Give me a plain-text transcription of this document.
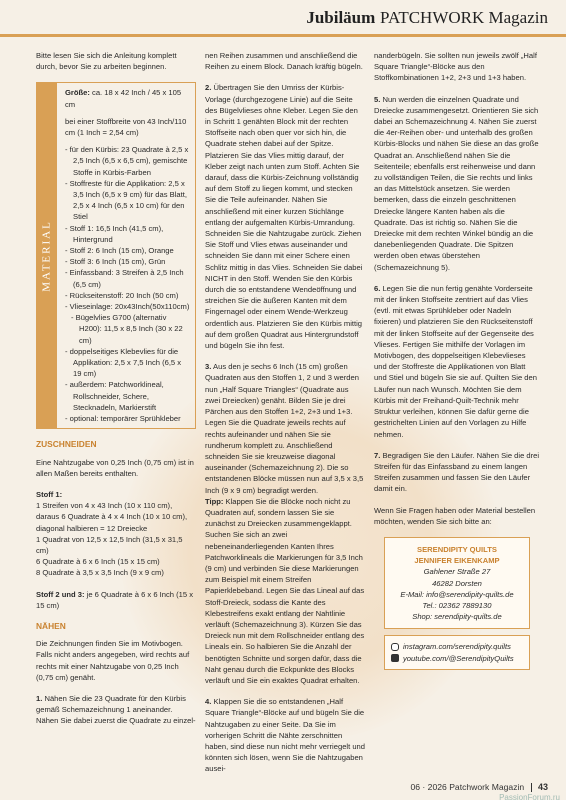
Jubiläum PATCHWORK Magazin

Bitte lesen Sie sich die Anleitung komplett durch, bevor Sie zu arbeiten beginnen.

MATERIAL

Größe: ca. 18 x 42 Inch / 45 x 105 cm

bei einer Stoffbreite von 43 Inch/110 cm (1 Inch = 2,54 cm)

- für den Kürbis: 23 Quadrate à 2,5 x 2,5 Inch (6,5 x 6,5 cm), gemischte Stoffe in Kürbis-Farben
- Stoffreste für die Applikation: 2,5 x 3,5 Inch (6,5 x 9 cm) für das Blatt, 2,5 x 4 Inch (6,5 x 10 cm) für den Stiel
- Stoff 1: 16,5 Inch (41,5 cm), Hintergrund
- Stoff 2: 6 Inch (15 cm), Orange
- Stoff 3: 6 Inch (15 cm), Grün
- Einfassband: 3 Streifen à 2,5 Inch (6,5 cm)
- Rückseitenstoff: 20 Inch (50 cm)
- Vlieseinlage: 20x43Inch(50x110cm)
- Bügelvlies G700 (alternativ H200): 11,5 x 8,5 Inch (30 x 22 cm)
- doppelseitiges Klebevlies für die Applikation: 2,5 x 7,5 Inch (6,5 x 19 cm)
- außerdem: Patchworklineal, Rollschneider, Schere, Stecknadeln, Markierstift
- optional: temporärer Sprühkleber
ZUSCHNEIDEN

Eine Nahtzugabe von 0,25 Inch (0,75 cm) ist in allen Maßen bereits enthalten.

Stoff 1:
1 Streifen von 4 x 43 Inch (10 x 110 cm), daraus 6 Quadrate à 4 x 4 Inch (10 x 10 cm), diagonal halbieren = 12 Dreiecke
1 Quadrat von 12,5 x 12,5 Inch (31,5 x 31,5 cm)
6 Quadrate à 6 x 6 Inch (15 x 15 cm)

8 Quadrate à 3,5 x 3,5 Inch (9 x 9 cm)

Stoff 2 und 3: je 6 Quadrate à 6 x 6 Inch (15 x 15 cm)

NÄHEN

Die Zeichnungen finden Sie im Motivbogen. Falls nicht anders angegeben, wird rechts auf rechts mit einer Nahtzugabe von 0,25 Inch (0,75 cm) genäht.

1. Nähen Sie die 23 Quadrate für den Kürbis gemäß Schemazeichnung 1 aneinander. Nähen Sie dabei zuerst die Quadrate zu einzel-

nen Reihen zusammen und anschließend die Reihen zu einem Block. Danach kräftig bügeln.

2. Übertragen Sie den Umriss der Kürbis-Vorlage (durchgezogene Linie) auf die Seite des Bügelvlieses ohne Kleber. Legen Sie den in Schritt 1 genähten Block mit der rechten Stoffseite nach oben quer vor sich hin, die Quadrate stehen dabei auf der Spitze. Platzieren Sie das Vlies mittig darauf, der Kleber zeigt nach unten zum Stoff. Achten Sie darauf, dass die Kürbis-Zeichnung vollständig auf dem Stoff zu liegen kommt, und stecken Sie die Teile aufeinander. Nähen Sie anschließend mit einer kurzen Stichlänge entlang der aufgemalten Kürbis-Umrandung. Schneiden Sie die Nahtzugabe zurück. Ziehen Sie Stoff und Vlies etwas auseinander und schneiden Sie dann mit einer Schere einen Schlitz mittig in das Vlies. Schneiden Sie dabei NICHT in den Stoff. Wenden Sie den Kürbis durch die so entstandene Wendeöffnung und streichen Sie die äußeren Kanten mit dem Fingernagel oder einem Wende-Werkzeug ordentlich aus. Platzieren Sie den Kürbis mittig auf dem großen Quadrat aus Hintergrundstoff und bügeln Sie ihn fest.

3. Aus den je sechs 6 Inch (15 cm) großen Quadraten aus den Stoffen 1, 2 und 3 werden nun „Half Square Triangles“ (Quadrate aus zwei Dreiecken) genäht. Bilden Sie je drei Pärchen aus den Stoffen 1+2, 2+3 und 1+3. Legen Sie die Quadrate jeweils rechts auf rechts aufeinander und nähen Sie sie rundherum komplett zu. Anschließend schneiden Sie sie kreuzweise diagonal auseinander (Schemazeichnung 2). Die so entstandenen Blöcke müssen nun auf 3,5 x 3,5 Inch (9 x 9 cm) begradigt werden.

Tipp: Klappen Sie die Blöcke noch nicht zu Quadraten auf, sondern lassen Sie sie zunächst zu Dreiecken zusammengeklappt. Suchen Sie sich an zwei nebeneinanderliegenden Kanten Ihres Patchworklineals die Markierungen für 3,5 Inch (9 cm) und verbinden Sie diese Markierungen zum Beispiel mit einem Streifen Papierklebeband. Legen Sie das Lineal auf das Stoff-Dreieck, sodass die Kante des Klebestreifens exakt entlang der Nahtlinie verläuft (Schemazeichnung 3). Kürzen Sie das Dreieck nun mit dem Rollschneider entlang des Lineals ein. So halbieren Sie die Anzahl der benötigten Schnitte und sorgen dafür, dass die Naht genau durch die Eckpunkte des Blocks verläuft und Sie ein exaktes Quadrat erhalten.

4. Klappen Sie die so entstandenen „Half Square Triangle“-Blöcke auf und bügeln Sie die Nahtzugaben zu einer Seite. Da Sie im vorherigen Schritt die Nähte zerschnitten haben, sind diese nun nicht mehr verriegelt und könnten sich lösen, wenn Sie die Nahtzugaben ausei-

nanderbügeln. Sie sollten nun jeweils zwölf „Half Square Triangle“-Blöcke aus den Stoffkombinationen 1+2, 2+3 und 1+3 haben.

5. Nun werden die einzelnen Quadrate und Dreiecke zusammengesetzt. Orientieren Sie sich dabei an Schemazeichnung 4. Nähen Sie zuerst die 4er-Reihen ober- und unterhalb des großen Kürbis-Blocks und nähen Sie diese an das große Quadrat an. Anschließend nähen Sie die Seitenteile; ebenfalls erst reihenweise und dann zu vollständigen Teilen, die Sie rechts und links an das Mittelstück ansetzen. Sie werden bemerken, dass die einzeln geschnittenen Dreiecke längere Kanten haben als die Quadrate. Das ist richtig so. Nähen Sie die Dreiecke mit dem rechten Winkel bündig an die danebenliegenden Quadrate. Die Spitzen werden oben etwas überstehen (Schemazeichnung 5).

6. Legen Sie die nun fertig genähte Vorderseite mit der linken Stoffseite zentriert auf das Vlies (evtl. mit etwas Sprühkleber oder Nadeln fixieren) und platzieren Sie den Rückseitenstoff mit der linken Stoffseite auf der Gegenseite des Vlieses. Fertigen Sie mithilfe der Vorlagen im Motivbogen, des doppelseitigen Klebevlieses und der Stoffreste die Applikationen von Blatt und Stiel und bügeln Sie sie auf. Quilten Sie den Läufer nun nach Wunsch. Möchten Sie dem Kürbis mit der Freihand-Quilt-Technik mehr Struktur verleihen, können Sie dafür gerne die gestrichelten Linien auf den Vorlagen zu Hilfe nehmen.

7. Begradigen Sie den Läufer. Nähen Sie die drei Streifen für das Einfassband zu einem langen Streifen zusammen und fassen Sie den Läufer damit ein.

Wenn Sie Fragen haben oder Material bestellen möchten, wenden Sie sich bitte an:

SERENDIPITY QUILTS
JENNIFER EIKENKAMP
Gahlener Straße 27
46282 Dorsten
E-Mail: info@serendipity-quilts.de
Tel.: 02362 7889130
Shop: serendipity-quilts.de
instagram.com/serendipity.quilts
youtube.com/@SerendipityQuilts
06 · 2026 Patchwork Magazin 43
PassionForum.ru
